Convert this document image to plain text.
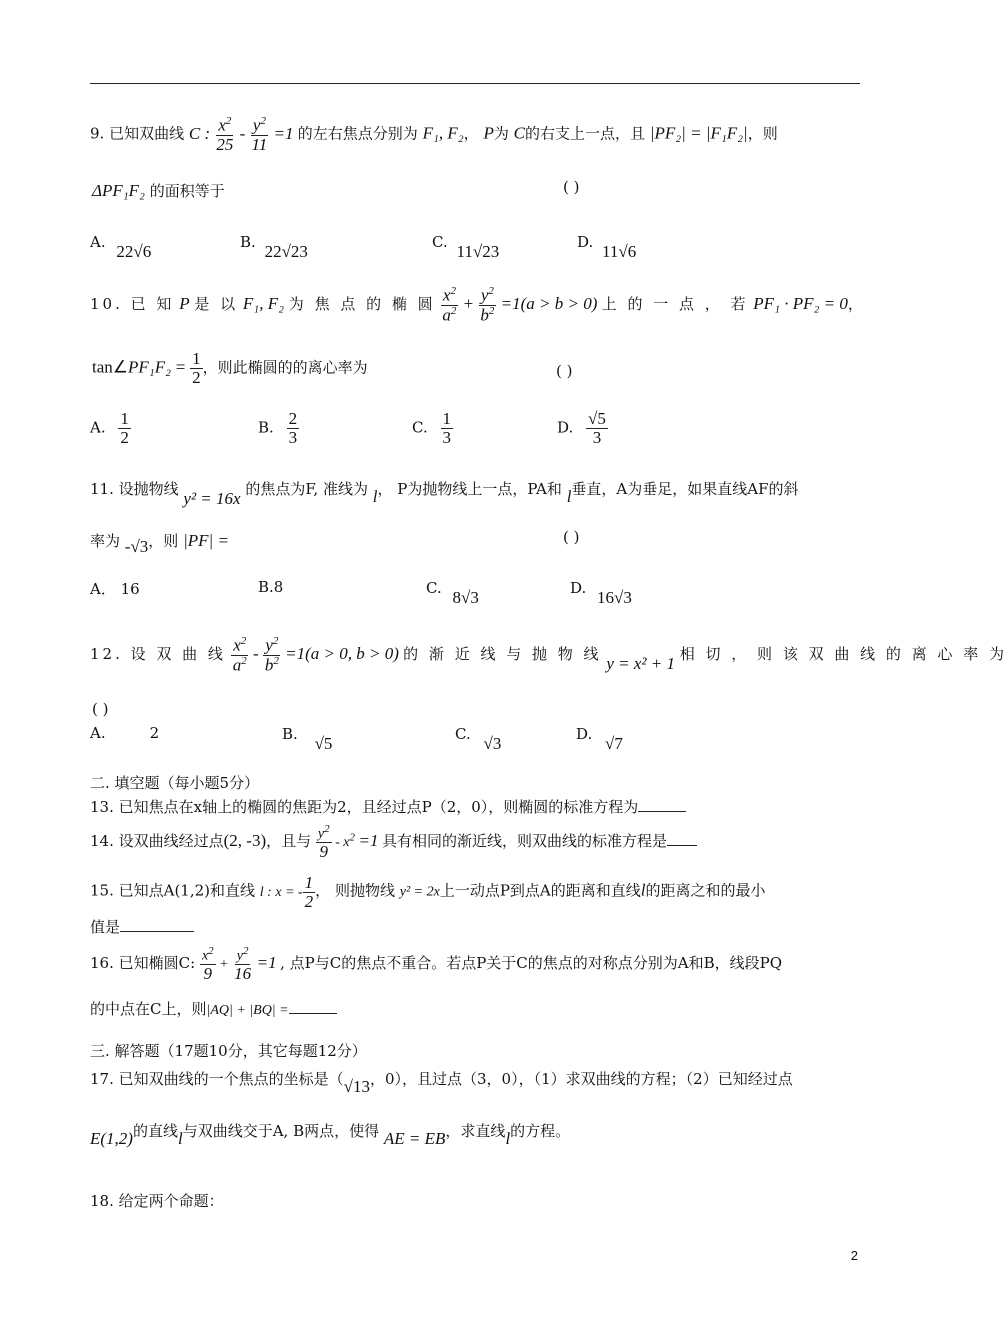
9. 已知双曲线 C : $\frac{x^2}{25} - \frac{y^2}{11} =1$ 的左右焦点分别为 F₁, F₂， P为 C的右支上一点，且 |PF₂| = |F₁F₂|，则
ΔPF₁F₂ 的面积等于	( )
A. 22√6	B. 22√23	C. 11√23	D. 11√6
10. 已 知 P 是 以 F₁, F₂ 为 焦 点 的 椭 圆 $\frac{x^2}{a^2} + \frac{y^2}{b^2} =1(a > b > 0)$ 上 的 一 点 ， 若 PF₁ · PF₂ = 0，
tan∠PF₁F₂ = $\frac{1}{2}$ ，则此椭圆的的离心率为	( )
A. $\frac{1}{2}$	B. $\frac{2}{3}$	C. $\frac{1}{3}$	D. $\frac{√5}{3}$
11. 设抛物线 y² = 16x 的焦点为F, 准线为 l， P为抛物线上一点，PA和 l垂直，A为垂足，如果直线AF的斜
率为 -√3，则 |PF| =	( )
A． 16	B.8	C. 8√3	D. 16√3
12. 设 双 曲 线 $\frac{x^2}{a^2} - \frac{y^2}{b^2} =1(a > 0$, b > 0) 的 渐 近 线 与 抛 物 线 y = x² + 1 相 切 ， 则 该 双 曲 线 的 离 心 率 为
( )
A.	2	B. √5	C. √3	D. √7
二. 填空题（每小题5分）
13. 已知焦点在x轴上的椭圆的焦距为2，且经过点P（2，0），则椭圆的标准方程为
14. 设双曲线经过点(2, -3)，且与 $\frac{y^2}{9} - x^2 =1$ 具有相同的渐近线，则双曲线的标准方程是
15. 已知点A(1,2)和直线 l : x = - $\frac{1}{2}$ ， 则抛物线 y² = 2x上一动点P到点A的距离和直线l的距离之和的最小
值是
16. 已知椭圆C: $\frac{x^2}{9} + \frac{y^2}{16} =1$ , 点P与C的焦点不重合。若点P关于C的焦点的对称点分别为A和B，线段PQ
的中点在C上，则|AQ| + |BQ| =
三. 解答题（17题10分，其它每题12分）
17. 已知双曲线的一个焦点的坐标是（√13，0），且过点（3，0），（1）求双曲线的方程；（2）已知经过点
E(1,2)的直线l与双曲线交于A, B两点，使得 AE = EB，求直线l的方程。
18. 给定两个命题：
2
